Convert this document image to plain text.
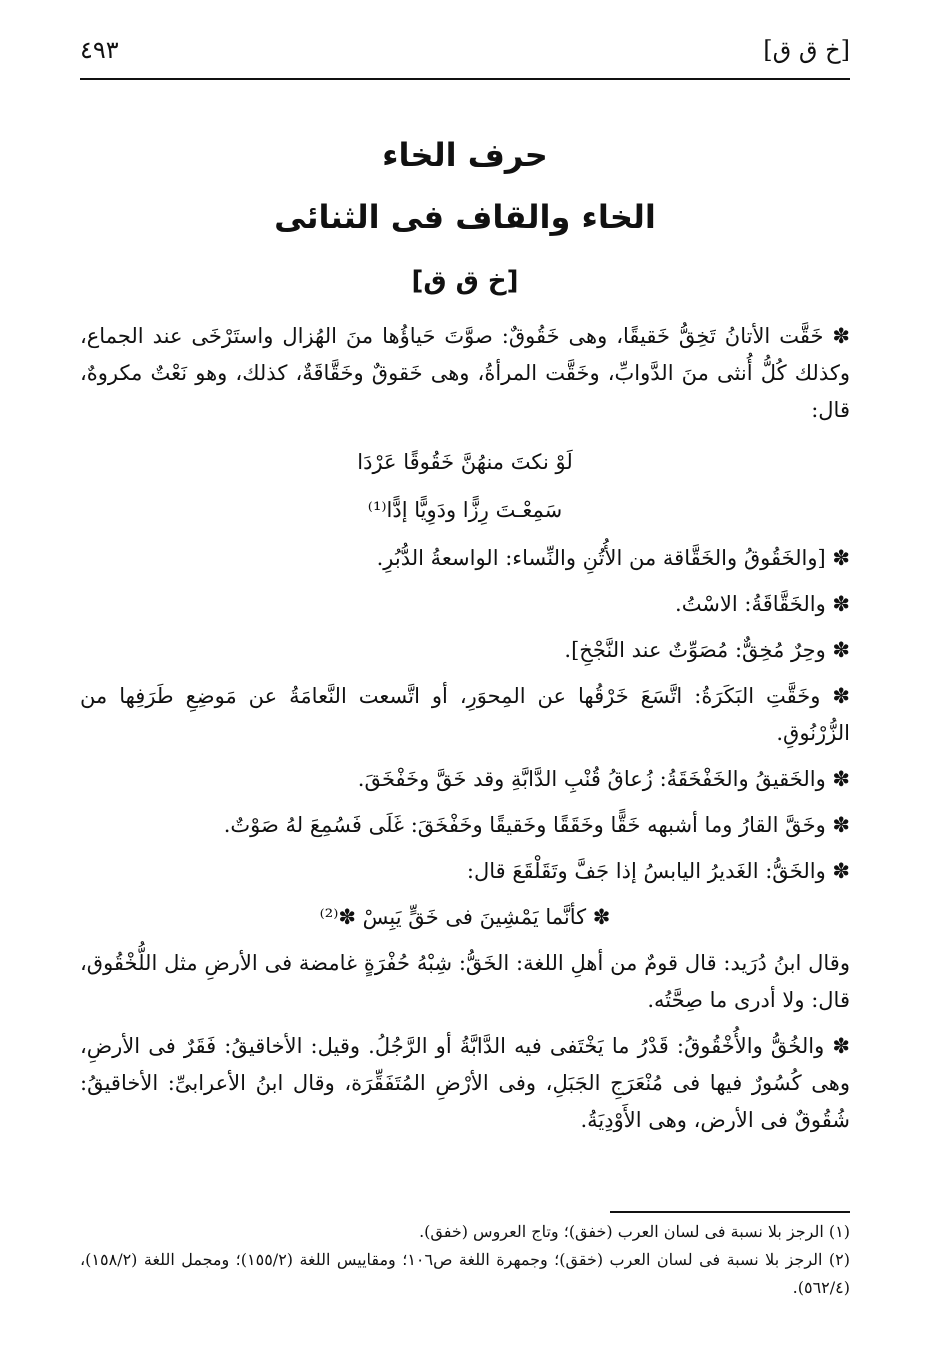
[خ ق ق]
٤٩٣
حرف الخاء
الخاء والقاف فى الثنائى
[خ ق ق]

✽ خَقَّت الأتانُ تَخِقُّ خَقيقًا، وهى خَقُوقٌ: صوَّتَ حَياؤُها منَ الهُزال واستَرْخَى عند الجماع، وكذلك كُلُّ أُنثى منَ الدَّوابِّ، وخَقَّت المرأةُ، وهى خَقوقٌ وخَقَّاقَةٌ، كذلك، وهو نَعْتٌ مكروهٌ، قال:

لَوْ نكتَ منهُنَّ خَقُوقًا عَرْدَا

سَمِعْـتَ رِزًّا ودَوِيًّا إدًّا⁽¹⁾

✽ [والخَقُوقُ والخَقَّاقة من الأُتُنِ والنِّساء: الواسعةُ الدُّبُرِ.

✽ والخَقَّاقَةُ: الاسْتُ.

✽ وحِرٌ مُخِقٌّ: مُصَوِّتٌ عند النَّجْخِ].

✽ وخَقَّتِ البَكَرَةُ: اتَّسَعَ خَرْقُها عن المِحوَرِ، أو اتَّسعت النَّعامَةُ عن مَوضِعِ طَرَفِها من الزُّرْنُوقِ.

✽ والخَقيقُ والخَفْخَقَةُ: زُعاقُ قُنْبِ الدَّابَّةِ وقد خَقَّ وخَفْخَقَ.

✽ وخَقَّ القارُ وما أشبهه خَقًّا وخَقَقًا وخَقيقًا وخَفْخَقَ: غَلَى فَسُمِعَ لهُ صَوْتٌ.

✽ والخَقُّ: الغَديرُ اليابسُ إذا جَفَّ وتَقَلْقَعَ قال:

✽ كأنَّما يَمْشِينَ فى خَقٍّ يَبِسْ ✽⁽²⁾

وقال ابنُ دُرَيد: قال قومٌ من أهلِ اللغة: الخَقُّ: شِبْهُ حُفْرَةٍ غامضة فى الأرضِ مثل اللُّخْقُوق، قال: ولا أدرى ما صِحَّتُه.

✽ والخُقُّ والأُخْقُوقُ: قَدْرُ ما يَخْتَفى فيه الدَّابَّةُ أو الرَّجُلُ. وقيل: الأخاقيقُ: فَقَرٌ فى الأرضِ، وهى كُسُورٌ فيها فى مُنْعَرَجِ الجَبَلِ، وفى الأرْضِ المُتَفَقِّرَة، وقال ابنُ الأعرابىِّ: الأخاقيقُ: شُقُوقٌ فى الأرض، وهى الأَوْدِيَةُ.

(١) الرجز بلا نسبة فى لسان العرب (خفق)؛ وتاج العروس (خفق).

(٢) الرجز بلا نسبة فى لسان العرب (خقق)؛ وجمهرة اللغة ص١٠٦؛ ومقاييس اللغة (١٥٥/٢)؛ ومجمل اللغة (١٥٨/٢)، (٥٦٢/٤).
